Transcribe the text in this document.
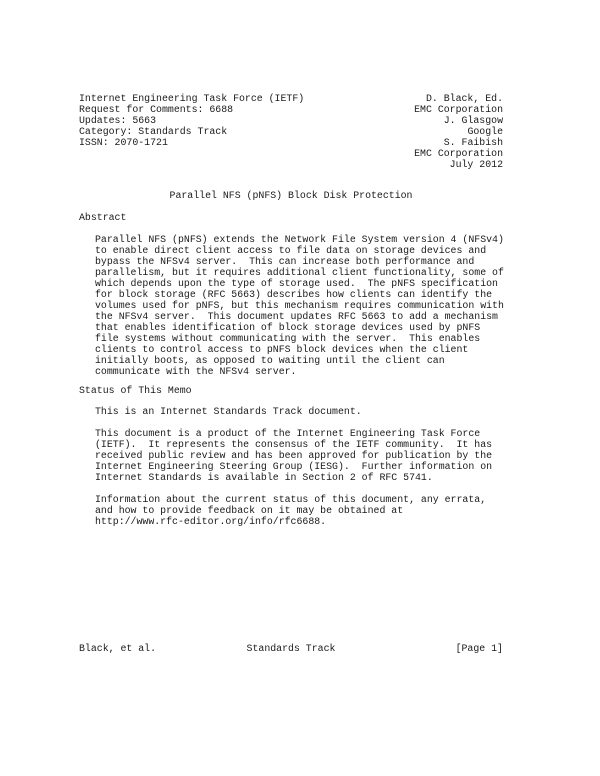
Internet Engineering Task Force (IETF)

	D. Black, Ed.

Request for Comments: 6688

	EMC Corporation

Updates: 5663

	J. Glasgow

Category: Standards Track

	Google

ISSN: 2070-1721

	S. Faibish

EMC Corporation

July 2012

Parallel NFS (pNFS) Block Disk Protection

Abstract

Parallel NFS (pNFS) extends the Network File System version 4 (NFSv4)
to enable direct client access to file data on storage devices and
bypass the NFSv4 server.  This can increase both performance and
parallelism, but it requires additional client functionality, some of
which depends upon the type of storage used.  The pNFS specification
for block storage (RFC 5663) describes how clients can identify the
volumes used for pNFS, but this mechanism requires communication with
the NFSv4 server.  This document updates RFC 5663 to add a mechanism
that enables identification of block storage devices used by pNFS
file systems without communicating with the server.  This enables
clients to control access to pNFS block devices when the client
initially boots, as opposed to waiting until the client can
communicate with the NFSv4 server.

Status of This Memo

This is an Internet Standards Track document.
This document is a product of the Internet Engineering Task Force
(IETF).  It represents the consensus of the IETF community.  It has
received public review and has been approved for publication by the
Internet Engineering Steering Group (IESG).  Further information on
Internet Standards is available in Section 2 of RFC 5741.
Information about the current status of this document, any errata,
and how to provide feedback on it may be obtained at
http://www.rfc-editor.org/info/rfc6688.

Black, et al.

	Standards Track

	[Page 1]
